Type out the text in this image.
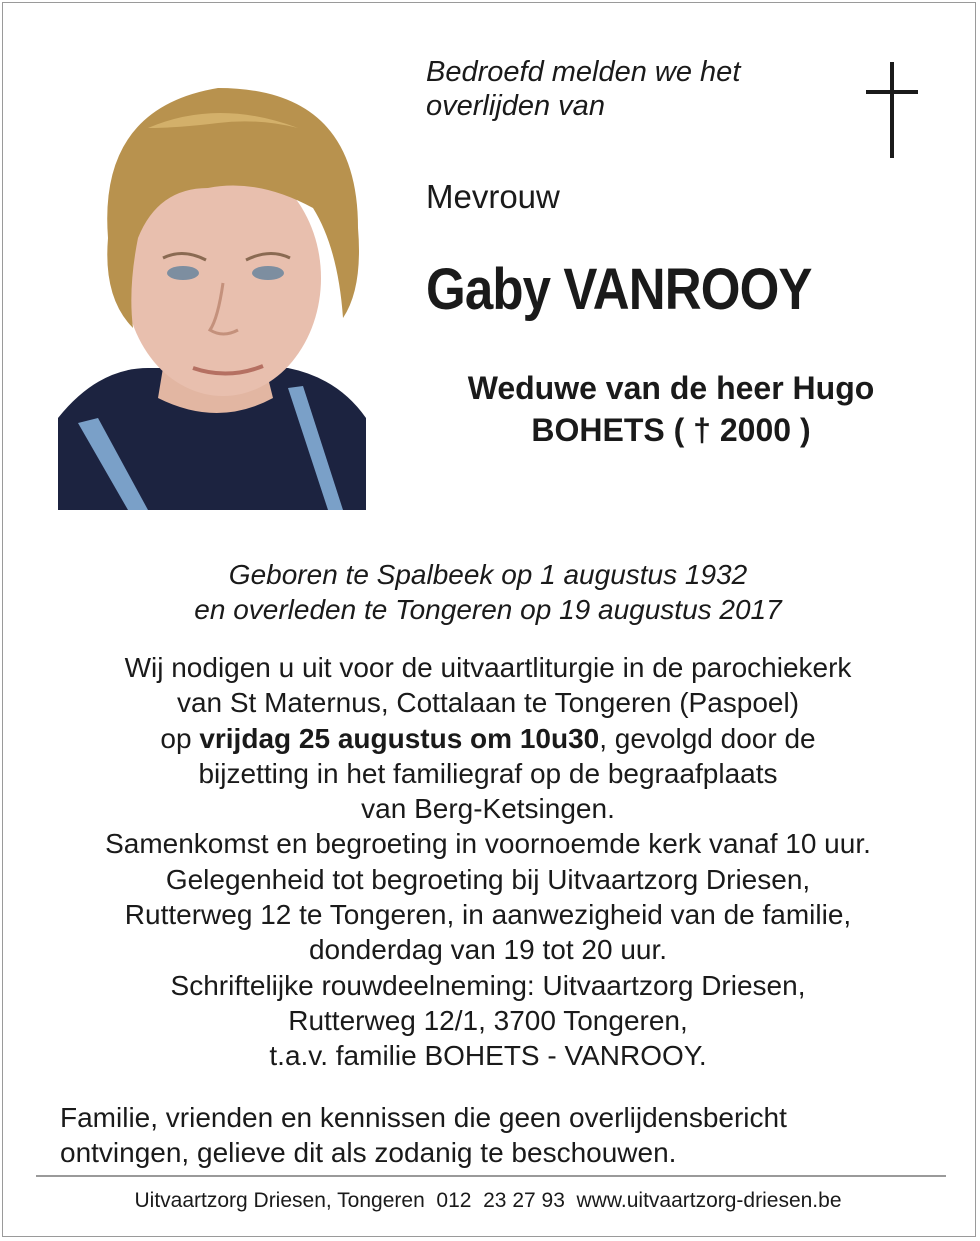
Bedroefd melden we het
overlijden van
Mevrouw
Gaby VANROOY
Weduwe van de heer Hugo
BOHETS ( † 2000 )
Geboren te Spalbeek op 1 augustus 1932
en overleden te Tongeren op 19 augustus 2017
Wij nodigen u uit voor de uitvaartliturgie in de parochiekerk
van St Maternus, Cottalaan te Tongeren (Paspoel)
op vrijdag 25 augustus om 10u30, gevolgd door de
bijzetting in het familiegraf op de begraafplaats
van Berg-Ketsingen.
Samenkomst en begroeting in voornoemde kerk vanaf 10 uur.
Gelegenheid tot begroeting bij Uitvaartzorg Driesen,
Rutterweg 12 te Tongeren, in aanwezigheid van de familie,
donderdag van 19 tot 20 uur.
Schriftelijke rouwdeelneming: Uitvaartzorg Driesen,
Rutterweg 12/1, 3700 Tongeren,
t.a.v. familie BOHETS - VANROOY.
Familie, vrienden en kennissen die geen overlijdensbericht
ontvingen, gelieve dit als zodanig te beschouwen.
Uitvaartzorg Driesen, Tongeren 012  23 27 93 www.uitvaartzorg-driesen.be
